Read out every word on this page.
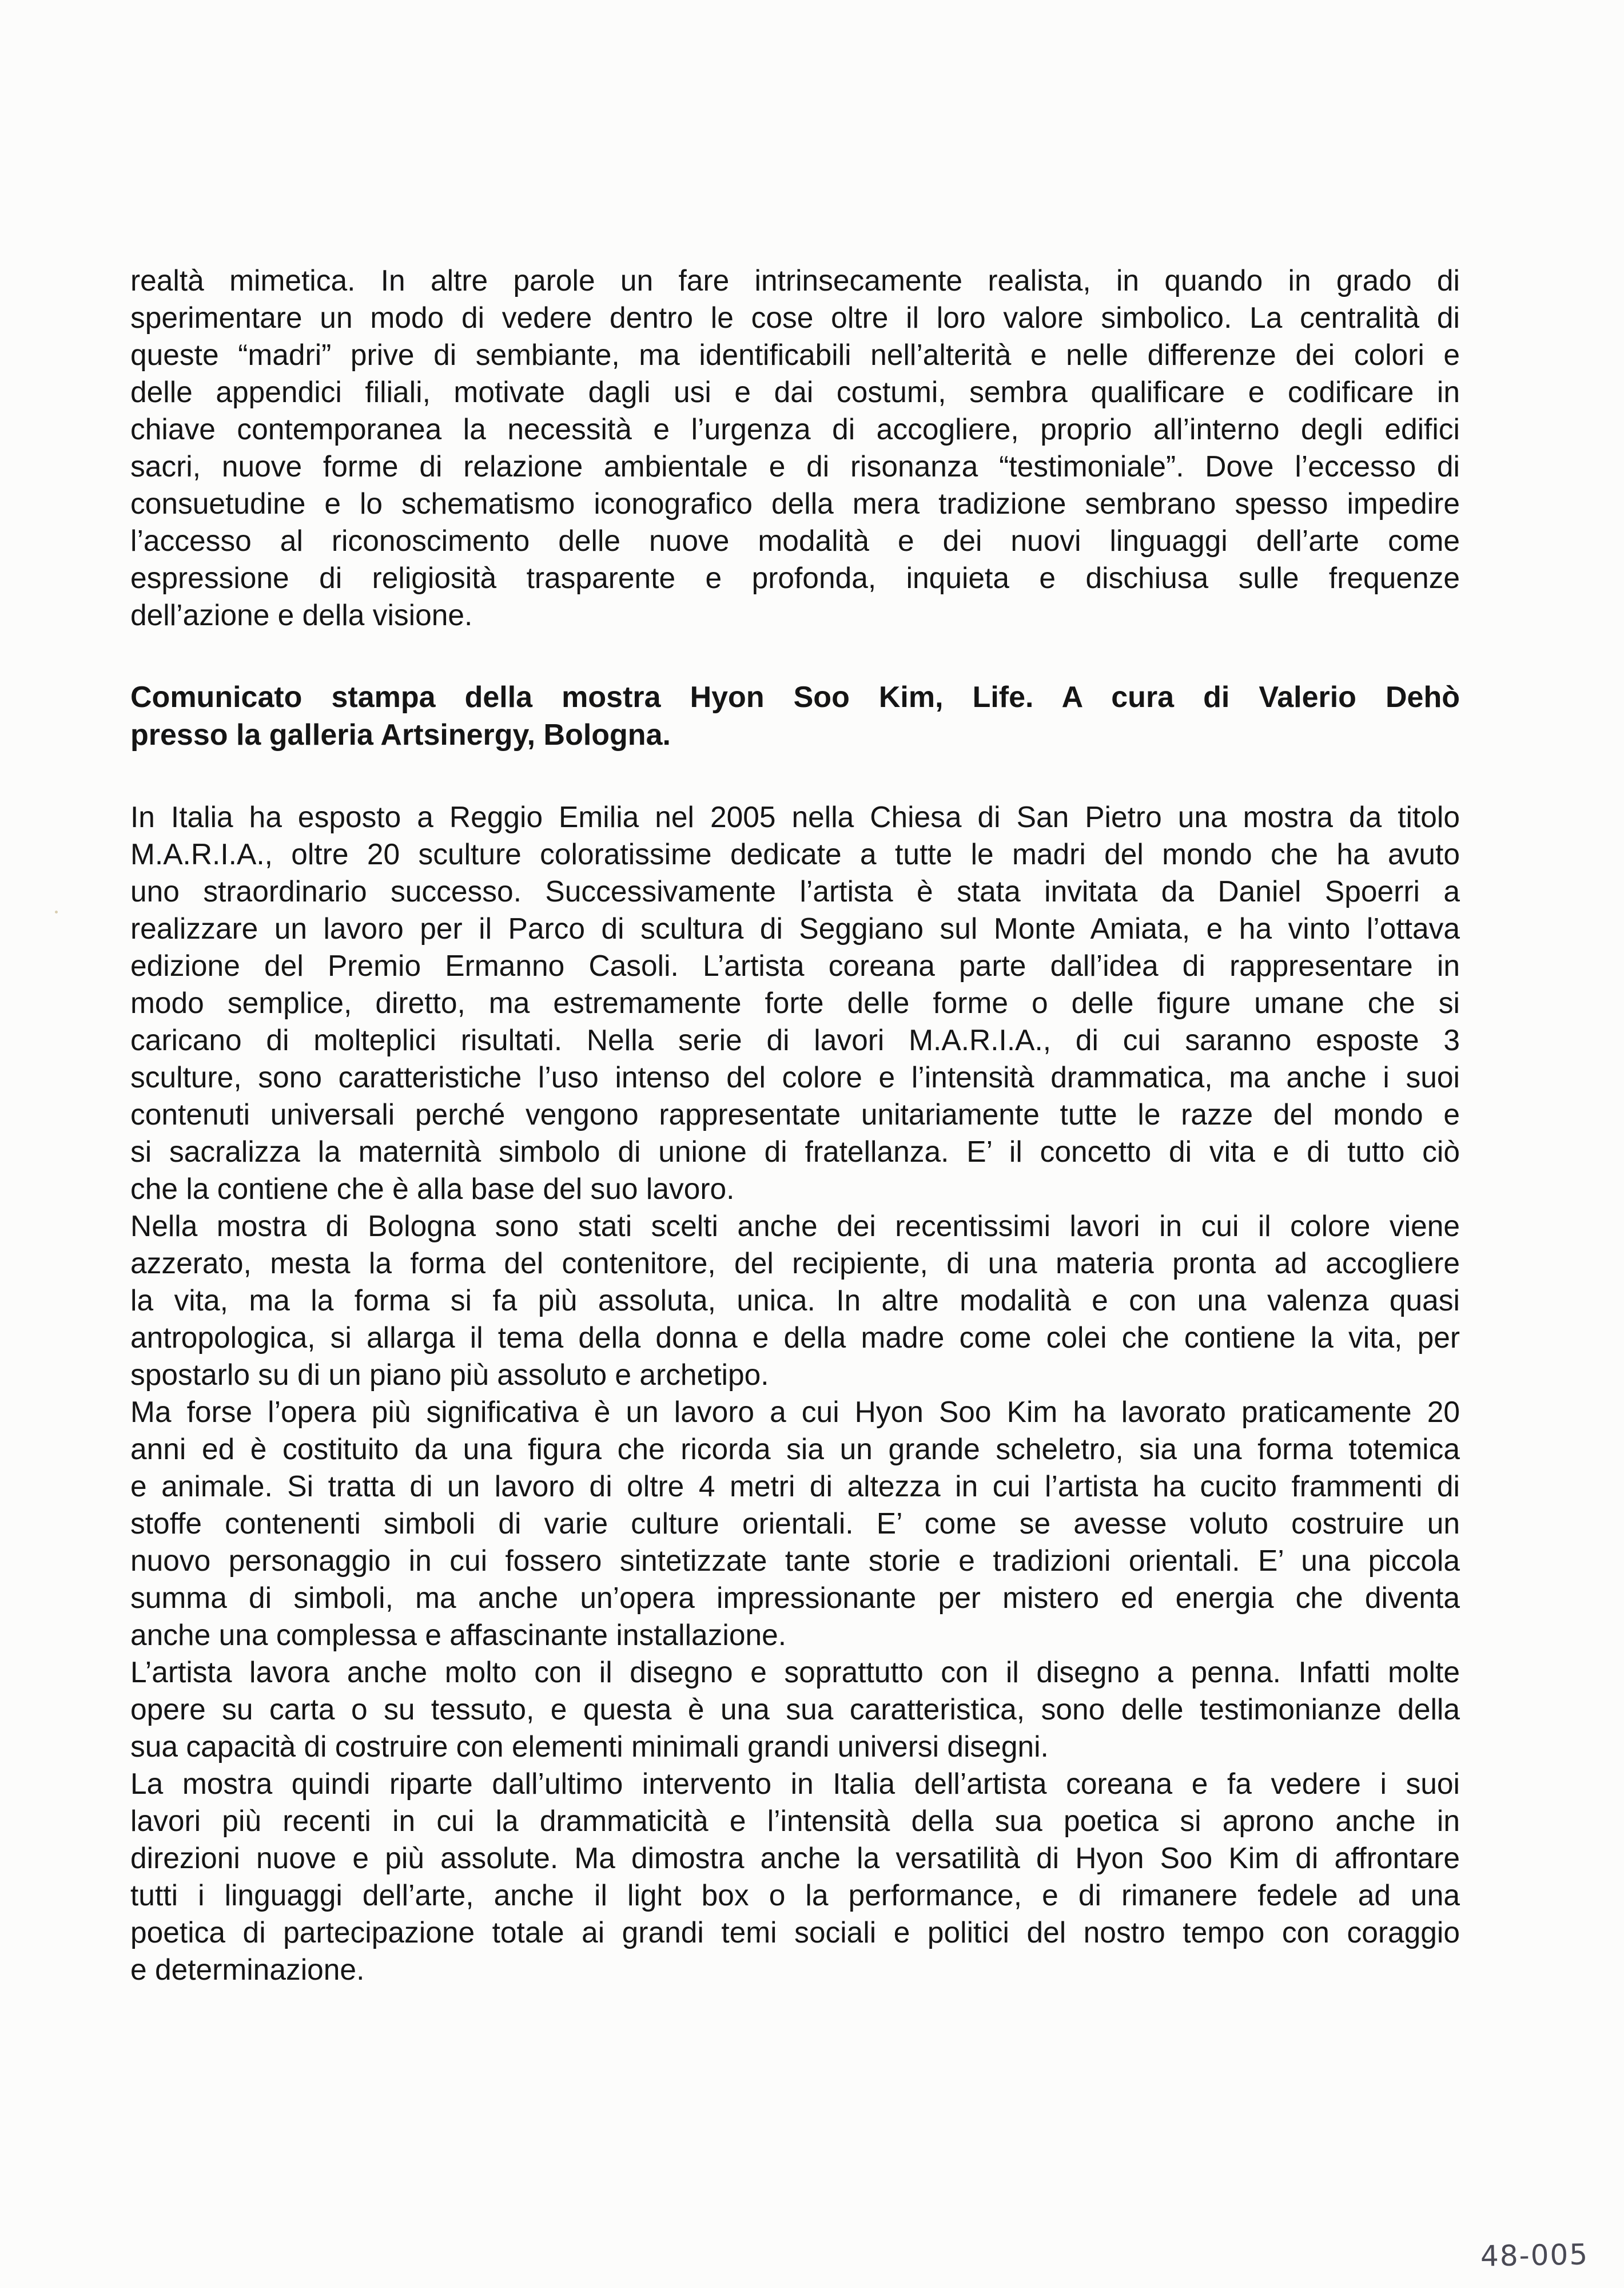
realtà mimetica. In altre parole un fare intrinsecamente realista, in quando in grado di
sperimentare un modo di vedere dentro le cose oltre il loro valore simbolico. La centralità di
queste “madri” prive di sembiante, ma identificabili nell’alterità e nelle differenze dei colori e
delle appendici filiali, motivate dagli usi e dai costumi, sembra qualificare e codificare in
chiave contemporanea la necessità e l’urgenza di accogliere, proprio all’interno degli edifici
sacri, nuove forme di relazione ambientale e di risonanza “testimoniale”. Dove l’eccesso di
consuetudine e lo schematismo iconografico della mera tradizione sembrano spesso impedire
l’accesso al riconoscimento delle nuove modalità e dei nuovi linguaggi dell’arte come
espressione di religiosità trasparente e profonda, inquieta e dischiusa sulle frequenze
dell’azione e della visione.
Comunicato stampa della mostra Hyon Soo Kim, Life. A cura di Valerio Dehò
presso la galleria Artsinergy, Bologna.
In Italia ha esposto a Reggio Emilia nel 2005 nella Chiesa di San Pietro una mostra da titolo
M.A.R.I.A., oltre 20 sculture coloratissime dedicate a tutte le madri del mondo che ha avuto
uno straordinario successo. Successivamente l’artista è stata invitata da Daniel Spoerri a
realizzare un lavoro per il Parco di scultura di Seggiano sul Monte Amiata, e ha vinto l’ottava
edizione del Premio Ermanno Casoli. L’artista coreana parte dall’idea di rappresentare in
modo semplice, diretto, ma estremamente forte delle forme o delle figure umane che si
caricano di molteplici risultati. Nella serie di lavori M.A.R.I.A., di cui saranno esposte 3
sculture, sono caratteristiche l’uso intenso del colore e l’intensità drammatica, ma anche i suoi
contenuti universali perché vengono rappresentate unitariamente tutte le razze del mondo e
si sacralizza la maternità simbolo di unione di fratellanza. E’ il concetto di vita e di tutto ciò
che la contiene che è alla base del suo lavoro.
Nella mostra di Bologna sono stati scelti anche dei recentissimi lavori in cui il colore viene
azzerato, mesta la forma del contenitore, del recipiente, di una materia pronta ad accogliere
la vita, ma la forma si fa più assoluta, unica. In altre modalità e con una valenza quasi
antropologica, si allarga il tema della donna e della madre come colei che contiene la vita, per
spostarlo su di un piano più assoluto e archetipo.
Ma forse l’opera più significativa è un lavoro a cui Hyon Soo Kim ha lavorato praticamente 20
anni ed è costituito da una figura che ricorda sia un grande scheletro, sia una forma totemica
e animale. Si tratta di un lavoro di oltre 4 metri di altezza in cui l’artista ha cucito frammenti di
stoffe contenenti simboli di varie culture orientali. E’ come se avesse voluto costruire un
nuovo personaggio in cui fossero sintetizzate tante storie e tradizioni orientali. E’ una piccola
summa di simboli, ma anche un’opera impressionante per mistero ed energia che diventa
anche una complessa e affascinante installazione.
L’artista lavora anche molto con il disegno e soprattutto con il disegno a penna. Infatti molte
opere su carta o su tessuto, e questa è una sua caratteristica, sono delle testimonianze della
sua capacità di costruire con elementi minimali grandi universi disegni.
La mostra quindi riparte dall’ultimo intervento in Italia dell’artista coreana e fa vedere i suoi
lavori più recenti in cui la drammaticità e l’intensità della sua poetica si aprono anche in
direzioni nuove e più assolute. Ma dimostra anche la versatilità di Hyon Soo Kim di affrontare
tutti i linguaggi dell’arte, anche il light box o la performance, e di rimanere fedele ad una
poetica di partecipazione totale ai grandi temi sociali e politici del nostro tempo con coraggio
e determinazione.
48-005
